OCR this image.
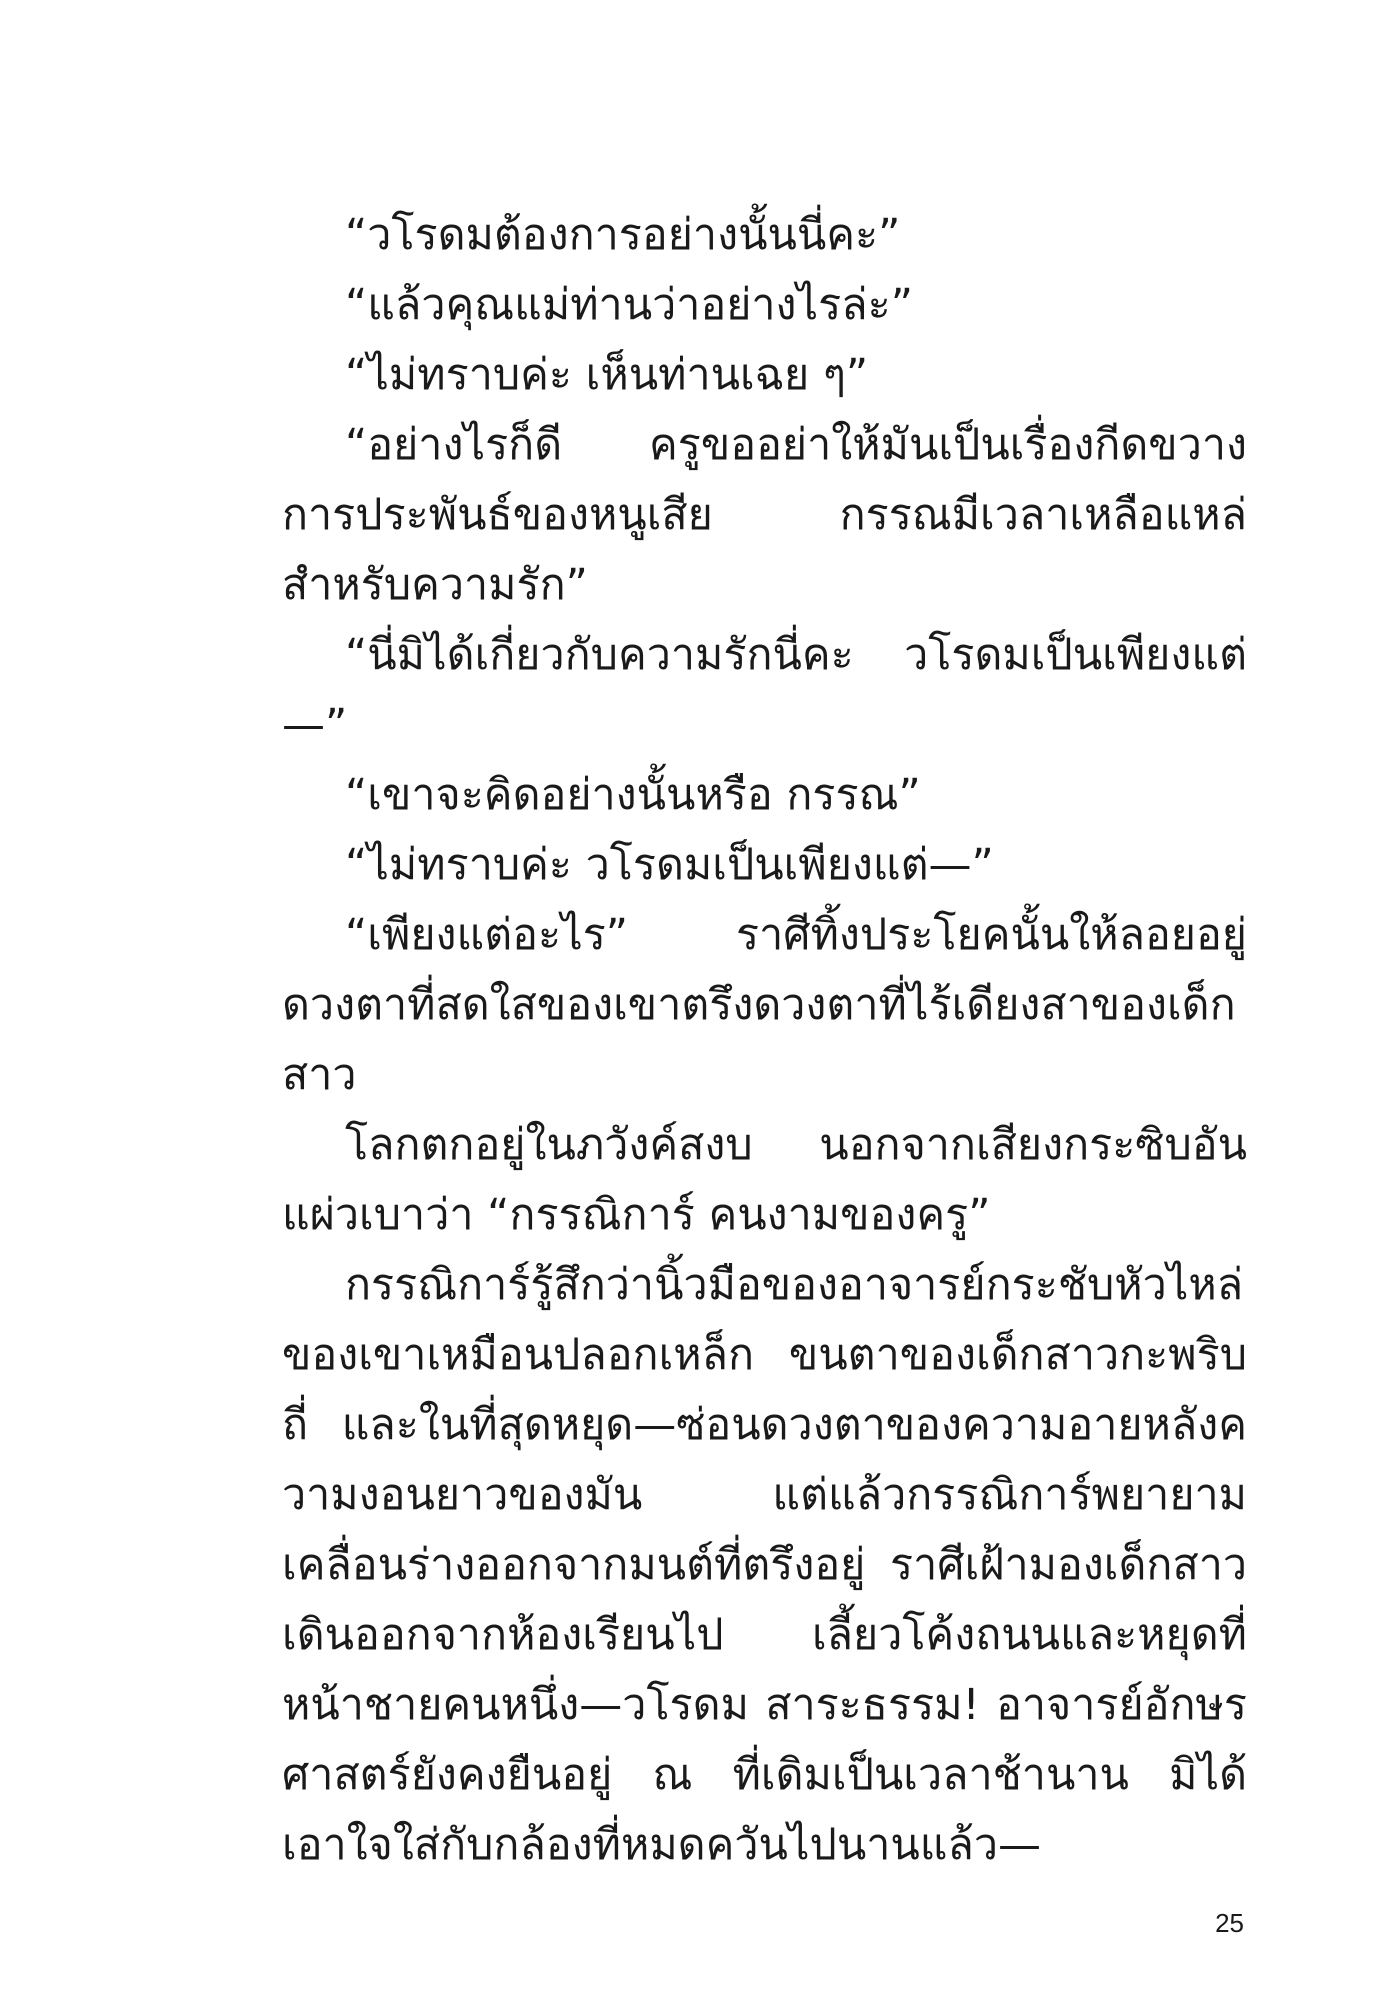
“วโรดมต้องการอย่างนั้นนี่คะ”

“แล้วคุณแม่ท่านว่าอย่างไรล่ะ”

“ไม่ทราบค่ะ เห็นท่านเฉย ๆ”

“อย่างไรก็ดี ครูขออย่าให้มันเป็นเรื่องกีดขวางการประพันธ์ของหนูเสีย กรรณมีเวลาเหลือแหล่สำหรับความรัก”

“นี่มิได้เกี่ยวกับความรักนี่คะ วโรดมเป็นเพียงแต่—”

“เขาจะคิดอย่างนั้นหรือ กรรณ”

“ไม่ทราบค่ะ วโรดมเป็นเพียงแต่—”

“เพียงแต่อะไร” ราศีทิ้งประโยคนั้นให้ลอยอยู่ ดวงตาที่สดใสของเขาตรึงดวงตาที่ไร้เดียงสาของเด็กสาว

โลกตกอยู่ในภวังค์สงบ นอกจากเสียงกระซิบอันแผ่วเบาว่า “กรรณิการ์ คนงามของครู”

กรรณิการ์รู้สึกว่านิ้วมือของอาจารย์กระชับหัวไหล่ของเขาเหมือนปลอกเหล็ก ขนตาของเด็กสาวกะพริบถี่ และในที่สุดหยุด—ซ่อนดวงตาของความอายหลังความงอนยาวของมัน แต่แล้วกรรณิการ์พยายามเคลื่อนร่างออกจากมนต์ที่ตรึงอยู่ ราศีเฝ้ามองเด็กสาวเดินออกจากห้องเรียนไป เลี้ยวโค้งถนนและหยุดที่หน้าชายคนหนึ่ง—วโรดม สาระธรรม! อาจารย์อักษรศาสตร์ยังคงยืนอยู่ ณ ที่เดิมเป็นเวลาช้านาน มิได้เอาใจใส่กับกล้องที่หมดควันไปนานแล้ว—

25
